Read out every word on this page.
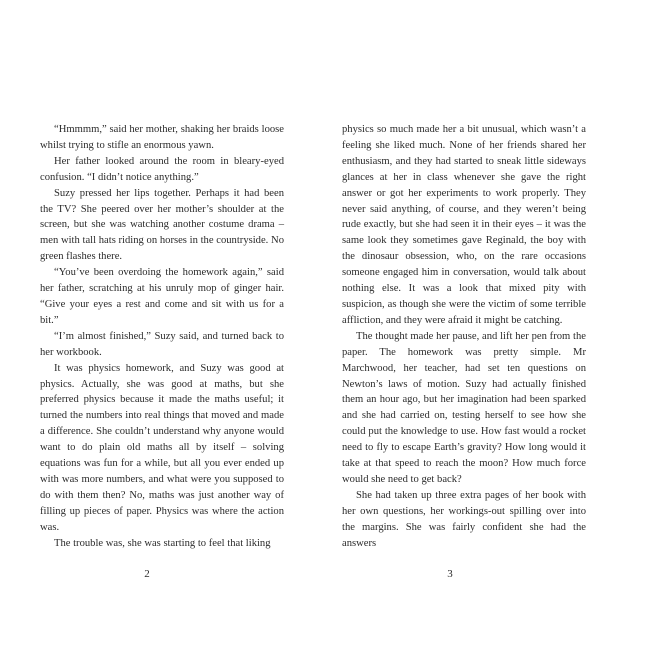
“Hmmmm,” said her mother, shaking her braids loose whilst trying to stifle an enormous yawn.

Her father looked around the room in bleary-eyed confusion. “I didn’t notice anything.”

Suzy pressed her lips together. Perhaps it had been the TV? She peered over her mother’s shoulder at the screen, but she was watching another costume drama – men with tall hats riding on horses in the countryside. No green flashes there.

“You’ve been overdoing the homework again,” said her father, scratching at his unruly mop of ginger hair. “Give your eyes a rest and come and sit with us for a bit.”

“I’m almost finished,” Suzy said, and turned back to her workbook.

It was physics homework, and Suzy was good at physics. Actually, she was good at maths, but she preferred physics because it made the maths useful; it turned the numbers into real things that moved and made a difference. She couldn’t understand why anyone would want to do plain old maths all by itself – solving equations was fun for a while, but all you ever ended up with was more numbers, and what were you supposed to do with them then? No, maths was just another way of filling up pieces of paper. Physics was where the action was.

The trouble was, she was starting to feel that liking

2

physics so much made her a bit unusual, which wasn’t a feeling she liked much. None of her friends shared her enthusiasm, and they had started to sneak little sideways glances at her in class whenever she gave the right answer or got her experiments to work properly. They never said anything, of course, and they weren’t being rude exactly, but she had seen it in their eyes – it was the same look they sometimes gave Reginald, the boy with the dinosaur obsession, who, on the rare occasions someone engaged him in conversation, would talk about nothing else. It was a look that mixed pity with suspicion, as though she were the victim of some terrible affliction, and they were afraid it might be catching.

The thought made her pause, and lift her pen from the paper. The homework was pretty simple. Mr Marchwood, her teacher, had set ten questions on Newton’s laws of motion. Suzy had actually finished them an hour ago, but her imagination had been sparked and she had carried on, testing herself to see how she could put the knowledge to use. How fast would a rocket need to fly to escape Earth’s gravity? How long would it take at that speed to reach the moon? How much force would she need to get back?

She had taken up three extra pages of her book with her own questions, her workings-out spilling over into the margins. She was fairly confident she had the answers

3
